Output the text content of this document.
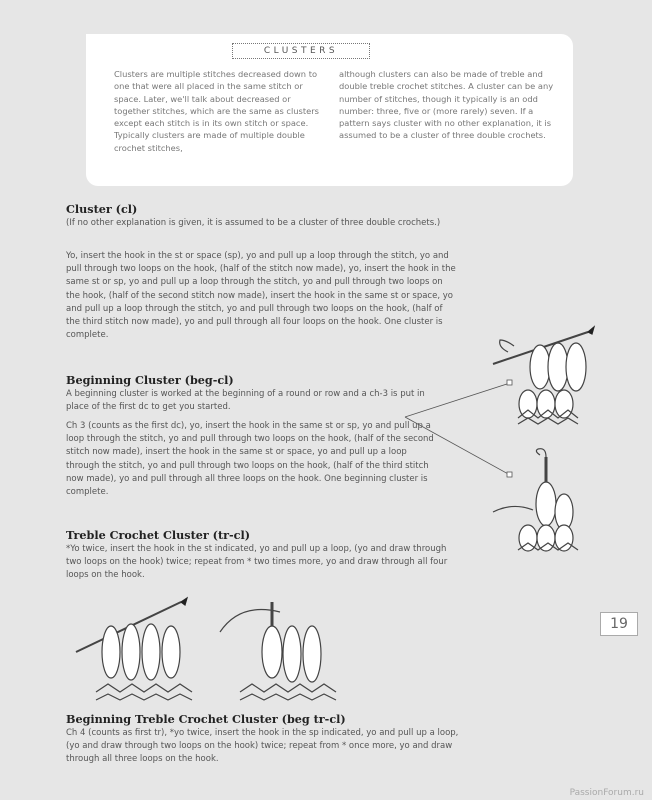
Clusters are multiple stitches decreased down to one that were all placed in the same stitch or space. Later, we'll talk about decreased or together stitches, which are the same as clusters except each stitch is in its own stitch or space. Typically clusters are made of multiple double crochet stitches,

although clusters can also be made of treble and double treble crochet stitches. A cluster can be any number of stitches, though it typically is an odd number: three, five or (more rarely) seven. If a pattern says cluster with no other explanation, it is assumed to be a cluster of three double crochets.

CLUSTERS
Cluster (cl)

(If no other explanation is given, it is assumed to be a cluster of three double crochets.)

Yo, insert the hook in the st or space (sp), yo and pull up a loop through the stitch, yo and pull through two loops on the hook, (half of the stitch now made), yo, insert the hook in the same st or sp, yo and pull up a loop through the stitch, yo and pull through two loops on the hook, (half of the second stitch now made), insert the hook in the same st or space, yo and pull up a loop through the stitch, yo and pull through two loops on the hook, (half of the third stitch now made), yo and pull through all four loops on the hook. One cluster is complete.

Beginning Cluster (beg-cl)

A beginning cluster is worked at the beginning of a round or row and a ch-3 is put in place of the first dc to get you started.

Ch 3 (counts as the first dc), yo, insert the hook in the same st or sp, yo and pull up a loop through the stitch, yo and pull through two loops on the hook, (half of the second stitch now made), insert the hook in the same st or space, yo and pull up a loop through the stitch, yo and pull through two loops on the hook, (half of the third stitch now made), yo and pull through all three loops on the hook. One beginning cluster is complete.

Treble Crochet Cluster (tr-cl)

*Yo twice, insert the hook in the st indicated, yo and pull up a loop, (yo and draw through two loops on the hook) twice; repeat from * two times more, yo and draw through all four loops on the hook.

Beginning Treble Crochet Cluster (beg tr-cl)

Ch 4 (counts as first tr), *yo twice, insert the hook in the sp indicated, yo and pull up a loop, (yo and draw through two loops on the hook) twice; repeat from * once more, yo and draw through all three loops on the hook.

19
PassionForum.ru
